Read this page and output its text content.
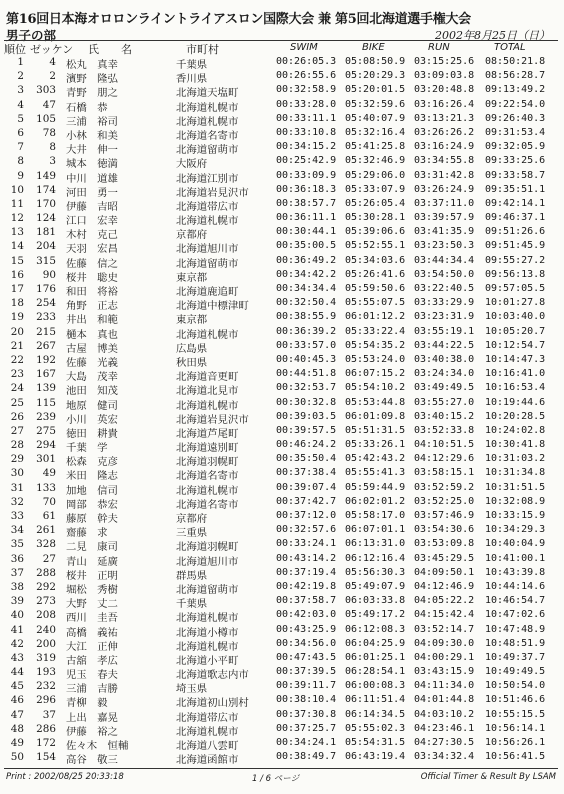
第16回日本海オロロンライントライアスロン国際大会 兼 第5回北海道選手権大会
男子の部	2002年8月25日（日）
順位 ゼッケン 氏　　名	市町村	SWIM	BIKE	RUN	TOTAL
1	4 松丸　真幸	千葉県	00:26:05.3 05:08:50.9 03:15:25.6 08:50:21.8
2	2 濱野　隆弘	香川県	00:26:55.6 05:20:29.3 03:09:03.8 08:56:28.7
3	303 青野　朋之	北海道天塩町	00:32:58.9 05:20:01.5 03:20:48.8 09:13:49.2
4	47 石橋　恭	北海道札幌市	00:33:28.0 05:32:59.6 03:16:26.4 09:22:54.0
5	105 三浦　裕司	北海道札幌市	00:33:11.1 05:40:07.9 03:13:21.3 09:26:40.3
6	78 小林　和美	北海道名寄市	00:33:10.8 05:32:16.4 03:26:26.2 09:31:53.4
7	8 大井　伸一	北海道留萌市	00:34:15.2 05:41:25.8 03:16:24.9 09:32:05.9
8	3 城本　徳満	大阪府	00:25:42.9 05:32:46.9 03:34:55.8 09:33:25.6
9	149 中川　道雄	北海道江別市	00:33:09.9 05:29:06.0 03:31:42.8 09:33:58.7
10	174 河田　勇一	北海道岩見沢市	00:36:18.3 05:33:07.9 03:26:24.9 09:35:51.1
11	170 伊藤　吉昭	北海道帯広市	00:38:57.7 05:26:05.4 03:37:11.0 09:42:14.1
12	124 江口　宏幸	北海道札幌市	00:36:11.1 05:30:28.1 03:39:57.9 09:46:37.1
13	181 木村　克己	京都府	00:30:44.1 05:39:06.6 03:41:35.9 09:51:26.6
14	204 天羽　宏昌	北海道旭川市	00:35:00.5 05:52:55.1 03:23:50.3 09:51:45.9
15	315 佐藤　信之	北海道留萌市	00:36:49.2 05:34:03.6 03:44:34.4 09:55:27.2
16	90 桜井　聡史	東京都	00:34:42.2 05:26:41.6 03:54:50.0 09:56:13.8
17	176 和田　将裕	北海道鹿追町	00:34:34.4 05:59:50.6 03:22:40.5 09:57:05.5
18	254 角野　正志	北海道中標津町	00:32:50.4 05:55:07.5 03:33:29.9 10:01:27.8
19	233 井出　和範	東京都	00:38:55.9 06:01:12.2 03:23:31.9 10:03:40.0
20	215 樋本　真也	北海道札幌市	00:36:39.2 05:33:22.4 03:55:19.1 10:05:20.7
21	267 古屋　博美	広島県	00:33:57.0 05:54:35.2 03:44:22.5 10:12:54.7
22	192 佐藤　光義	秋田県	00:40:45.3 05:53:24.0 03:40:38.0 10:14:47.3
23	167 大島　茂幸	北海道音更町	00:44:51.8 06:07:15.2 03:24:34.0 10:16:41.0
24	139 池田　知茂	北海道北見市	00:32:53.7 05:54:10.2 03:49:49.5 10:16:53.4
25	115 地原　健司	北海道札幌市	00:30:32.8 05:53:44.8 03:55:27.0 10:19:44.6
26	239 小川　英宏	北海道岩見沢市	00:39:03.5 06:01:09.8 03:40:15.2 10:20:28.5
27	275 徳田　耕貴	北海道芦尾町	00:39:57.5 05:51:31.5 03:52:33.8 10:24:02.8
28	294 千葉　学	北海道遠別町	00:46:24.2 05:33:26.1 04:10:51.5 10:30:41.8
29	301 松森　克彦	北海道羽幌町	00:35:50.4 05:42:43.2 04:12:29.6 10:31:03.2
30	49 米田　隆志	北海道名寄市	00:37:38.4 05:55:41.3 03:58:15.1 10:31:34.8
31	133 加地　信司	北海道札幌市	00:39:07.4 05:59:44.9 03:52:59.2 10:31:51.5
32	70 岡部　恭宏	北海道名寄市	00:37:42.7 06:02:01.2 03:52:25.0 10:32:08.9
33	61 藤原　幹夫	京都府	00:37:12.0 05:58:17.0 03:57:46.9 10:33:15.9
34	261 齋藤　求	三重県	00:32:57.6 06:07:01.1 03:54:30.6 10:34:29.3
35	328 二見　康司	北海道羽幌町	00:33:24.1 06:13:31.0 03:53:09.8 10:40:04.9
36	27 青山　延廣	北海道旭川市	00:43:14.2 06:12:16.4 03:45:29.5 10:41:00.1
37	288 桜井　正明	群馬県	00:37:19.4 05:56:30.3 04:09:50.1 10:43:39.8
38	292 堀松　秀樹	北海道留萌市	00:42:19.8 05:49:07.9 04:12:46.9 10:44:14.6
39	273 大野　丈二	千葉県	00:37:58.7 06:03:33.8 04:05:22.2 10:46:54.7
40	208 西川　圭吾	北海道札幌市	00:42:03.0 05:49:17.2 04:15:42.4 10:47:02.6
41	240 高橋　義祐	北海道小樽市	00:43:25.9 06:12:08.3 03:52:14.7 10:47:48.9
42	200 大江　正伸	北海道札幌市	00:34:56.0 06:04:25.9 04:09:30.0 10:48:51.9
43	319 古舘　孝広	北海道小平町	00:47:43.5 06:01:25.1 04:00:29.1 10:49:37.7
44	193 児玉　春夫	北海道歌志内市	00:37:39.5 06:28:54.1 03:43:15.9 10:49:49.5
45	232 三浦　吉勝	埼玉県	00:39:11.7 06:00:08.3 04:11:34.0 10:50:54.0
46	296 青柳　毅	北海道初山別村	00:38:10.4 06:11:51.4 04:01:44.8 10:51:46.6
47	37 上出　嘉晃	北海道帯広市	00:37:30.8 06:14:34.5 04:03:10.2 10:55:15.5
48	286 伊藤　裕之	北海道札幌市	00:37:25.7 05:55:02.3 04:23:46.1 10:56:14.1
49	172 佐々木　恒輔	北海道八雲町	00:34:24.1 05:54:31.5 04:27:30.5 10:56:26.1
50	154 高谷　敬三	北海道函館市	00:38:49.7 06:43:19.4 03:34:32.4 10:56:41.5
Print : 2002/08/25 20:33:18	1 / 6 ページ	Official Timer & Result By LSAM
